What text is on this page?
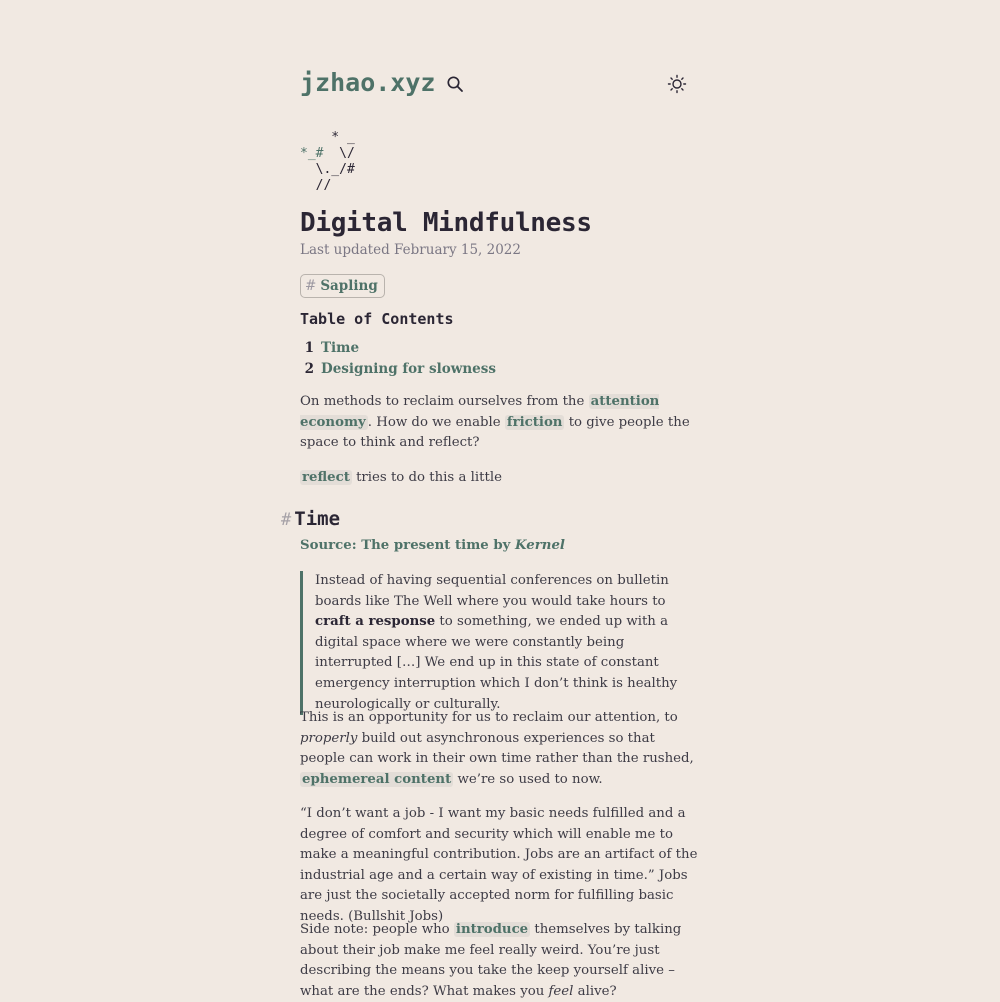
jzhao.xyz
* _
*_#  \/
\._/#
//
Digital Mindfulness
Last updated February 15, 2022
# Sapling
Table of Contents
1 Time
2 Designing for slowness

On methods to reclaim ourselves from the attention economy . How do we enable friction to give people the space to think and reflect?

reflect tries to do this a little

# Time

Source: The present time by Kernel

Instead of having sequential conferences on bulletin boards like The Well where you would take hours to craft a response to something, we ended up with a digital space where we were constantly being interrupted […] We end up in this state of constant emergency interruption which I don’t think is healthy neurologically or culturally.

This is an opportunity for us to reclaim our attention, to properly build out asynchronous experiences so that people can work in their own time rather than the rushed, ephemereal content we’re so used to now.

“I don’t want a job - I want my basic needs fulfilled and a degree of comfort and security which will enable me to make a meaningful contribution. Jobs are an artifact of the industrial age and a certain way of existing in time.” Jobs are just the societally accepted norm for fulfilling basic needs. (Bullshit Jobs)

Side note: people who introduce themselves by talking about their job make me feel really weird. You’re just describing the means you take the keep yourself alive – what are the ends? What makes you feel alive?
